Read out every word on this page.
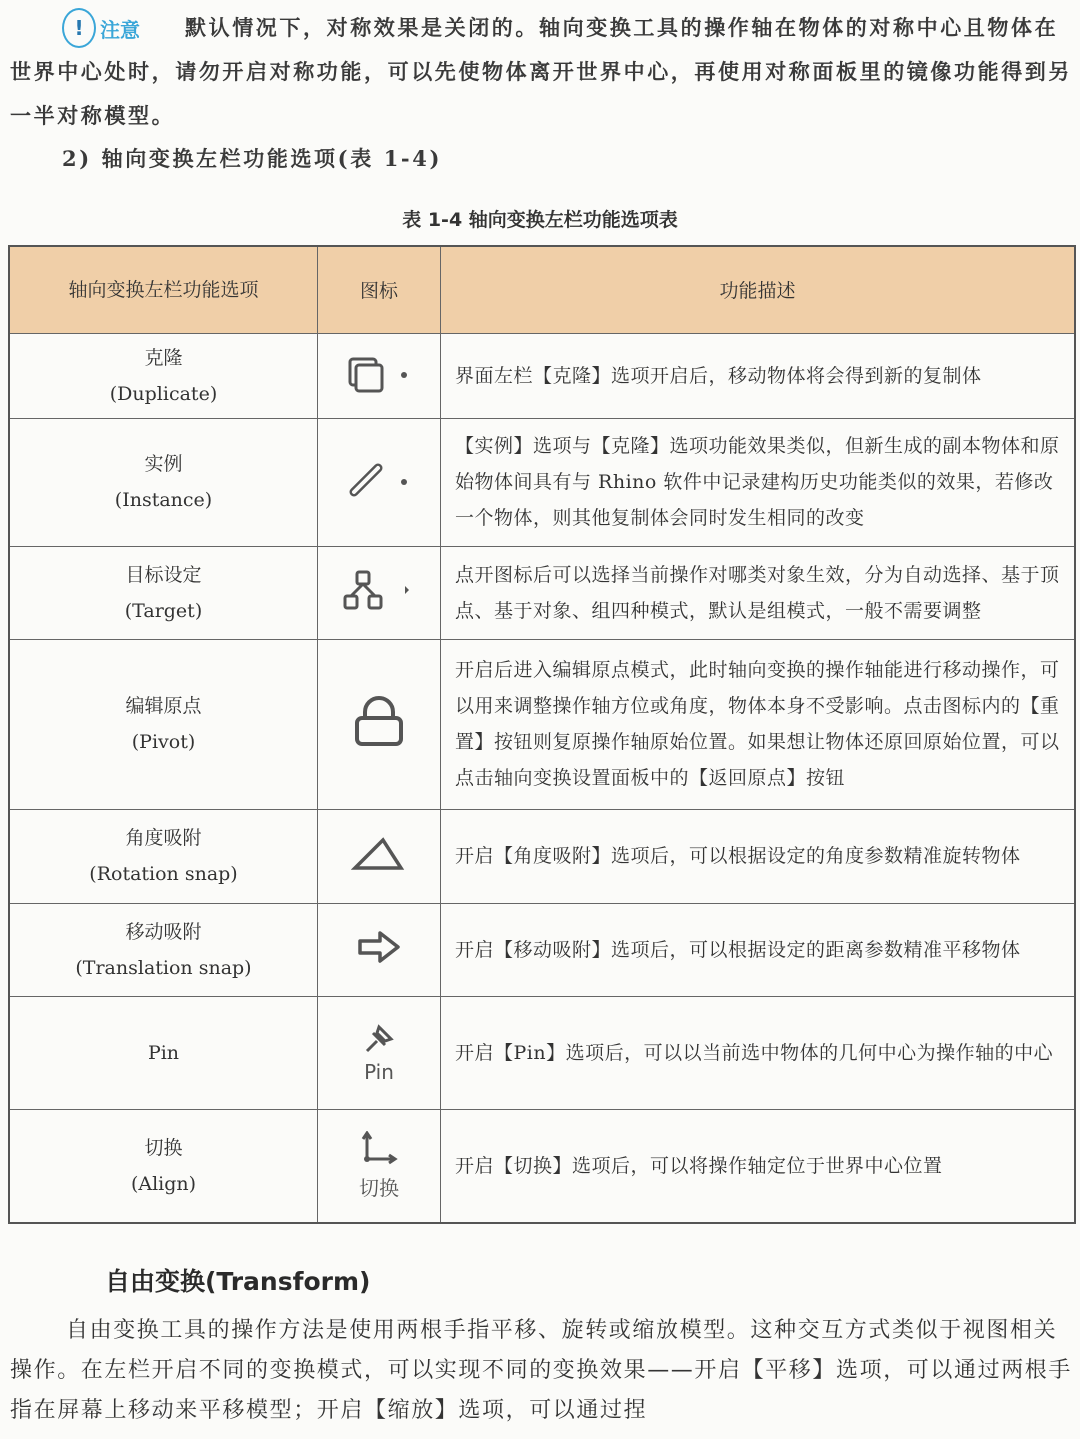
! 注意	默认情况下，对称效果是关闭的。轴向变换工具的操作轴在物体的对称中心且物体在世界中心处时，请勿开启对称功能，可以先使物体离开世界中心，再使用对称面板里的镜像功能得到另一半对称模型。
2) 轴向变换左栏功能选项(表 1-4)
表 1-4 轴向变换左栏功能选项表
轴向变换左栏功能选项	图标	功能描述

克隆
(Duplicate)		界面左栏【克隆】选项开启后，移动物体将会得到新的复制体

实例
(Instance)		【实例】选项与【克隆】选项功能效果类似，但新生成的副本物体和原始物体间具有与 Rhino 软件中记录建构历史功能类似的效果，若修改一个物体，则其他复制体会同时发生相同的改变

目标设定
(Target)		点开图标后可以选择当前操作对哪类对象生效，分为自动选择、基于顶点、基于对象、组四种模式，默认是组模式，一般不需要调整

编辑原点
(Pivot)		开启后进入编辑原点模式，此时轴向变换的操作轴能进行移动操作，可以用来调整操作轴方位或角度，物体本身不受影响。点击图标内的【重置】按钮则复原操作轴原始位置。如果想让物体还原回原始位置，可以点击轴向变换设置面板中的【返回原点】按钮

角度吸附
(Rotation snap)		开启【角度吸附】选项后，可以根据设定的角度参数精准旋转物体

移动吸附
(Translation snap)		开启【移动吸附】选项后，可以根据设定的距离参数精准平移物体

Pin	Pin	开启【Pin】选项后，可以以当前选中物体的几何中心为操作轴的中心

切换
(Align)	切换	开启【切换】选项后，可以将操作轴定位于世界中心位置
自由变换(Transform)
自由变换工具的操作方法是使用两根手指平移、旋转或缩放模型。这种交互方式类似于视图相关操作。在左栏开启不同的变换模式，可以实现不同的变换效果——开启【平移】选项，可以通过两根手指在屏幕上移动来平移模型；开启【缩放】选项，可以通过捏
